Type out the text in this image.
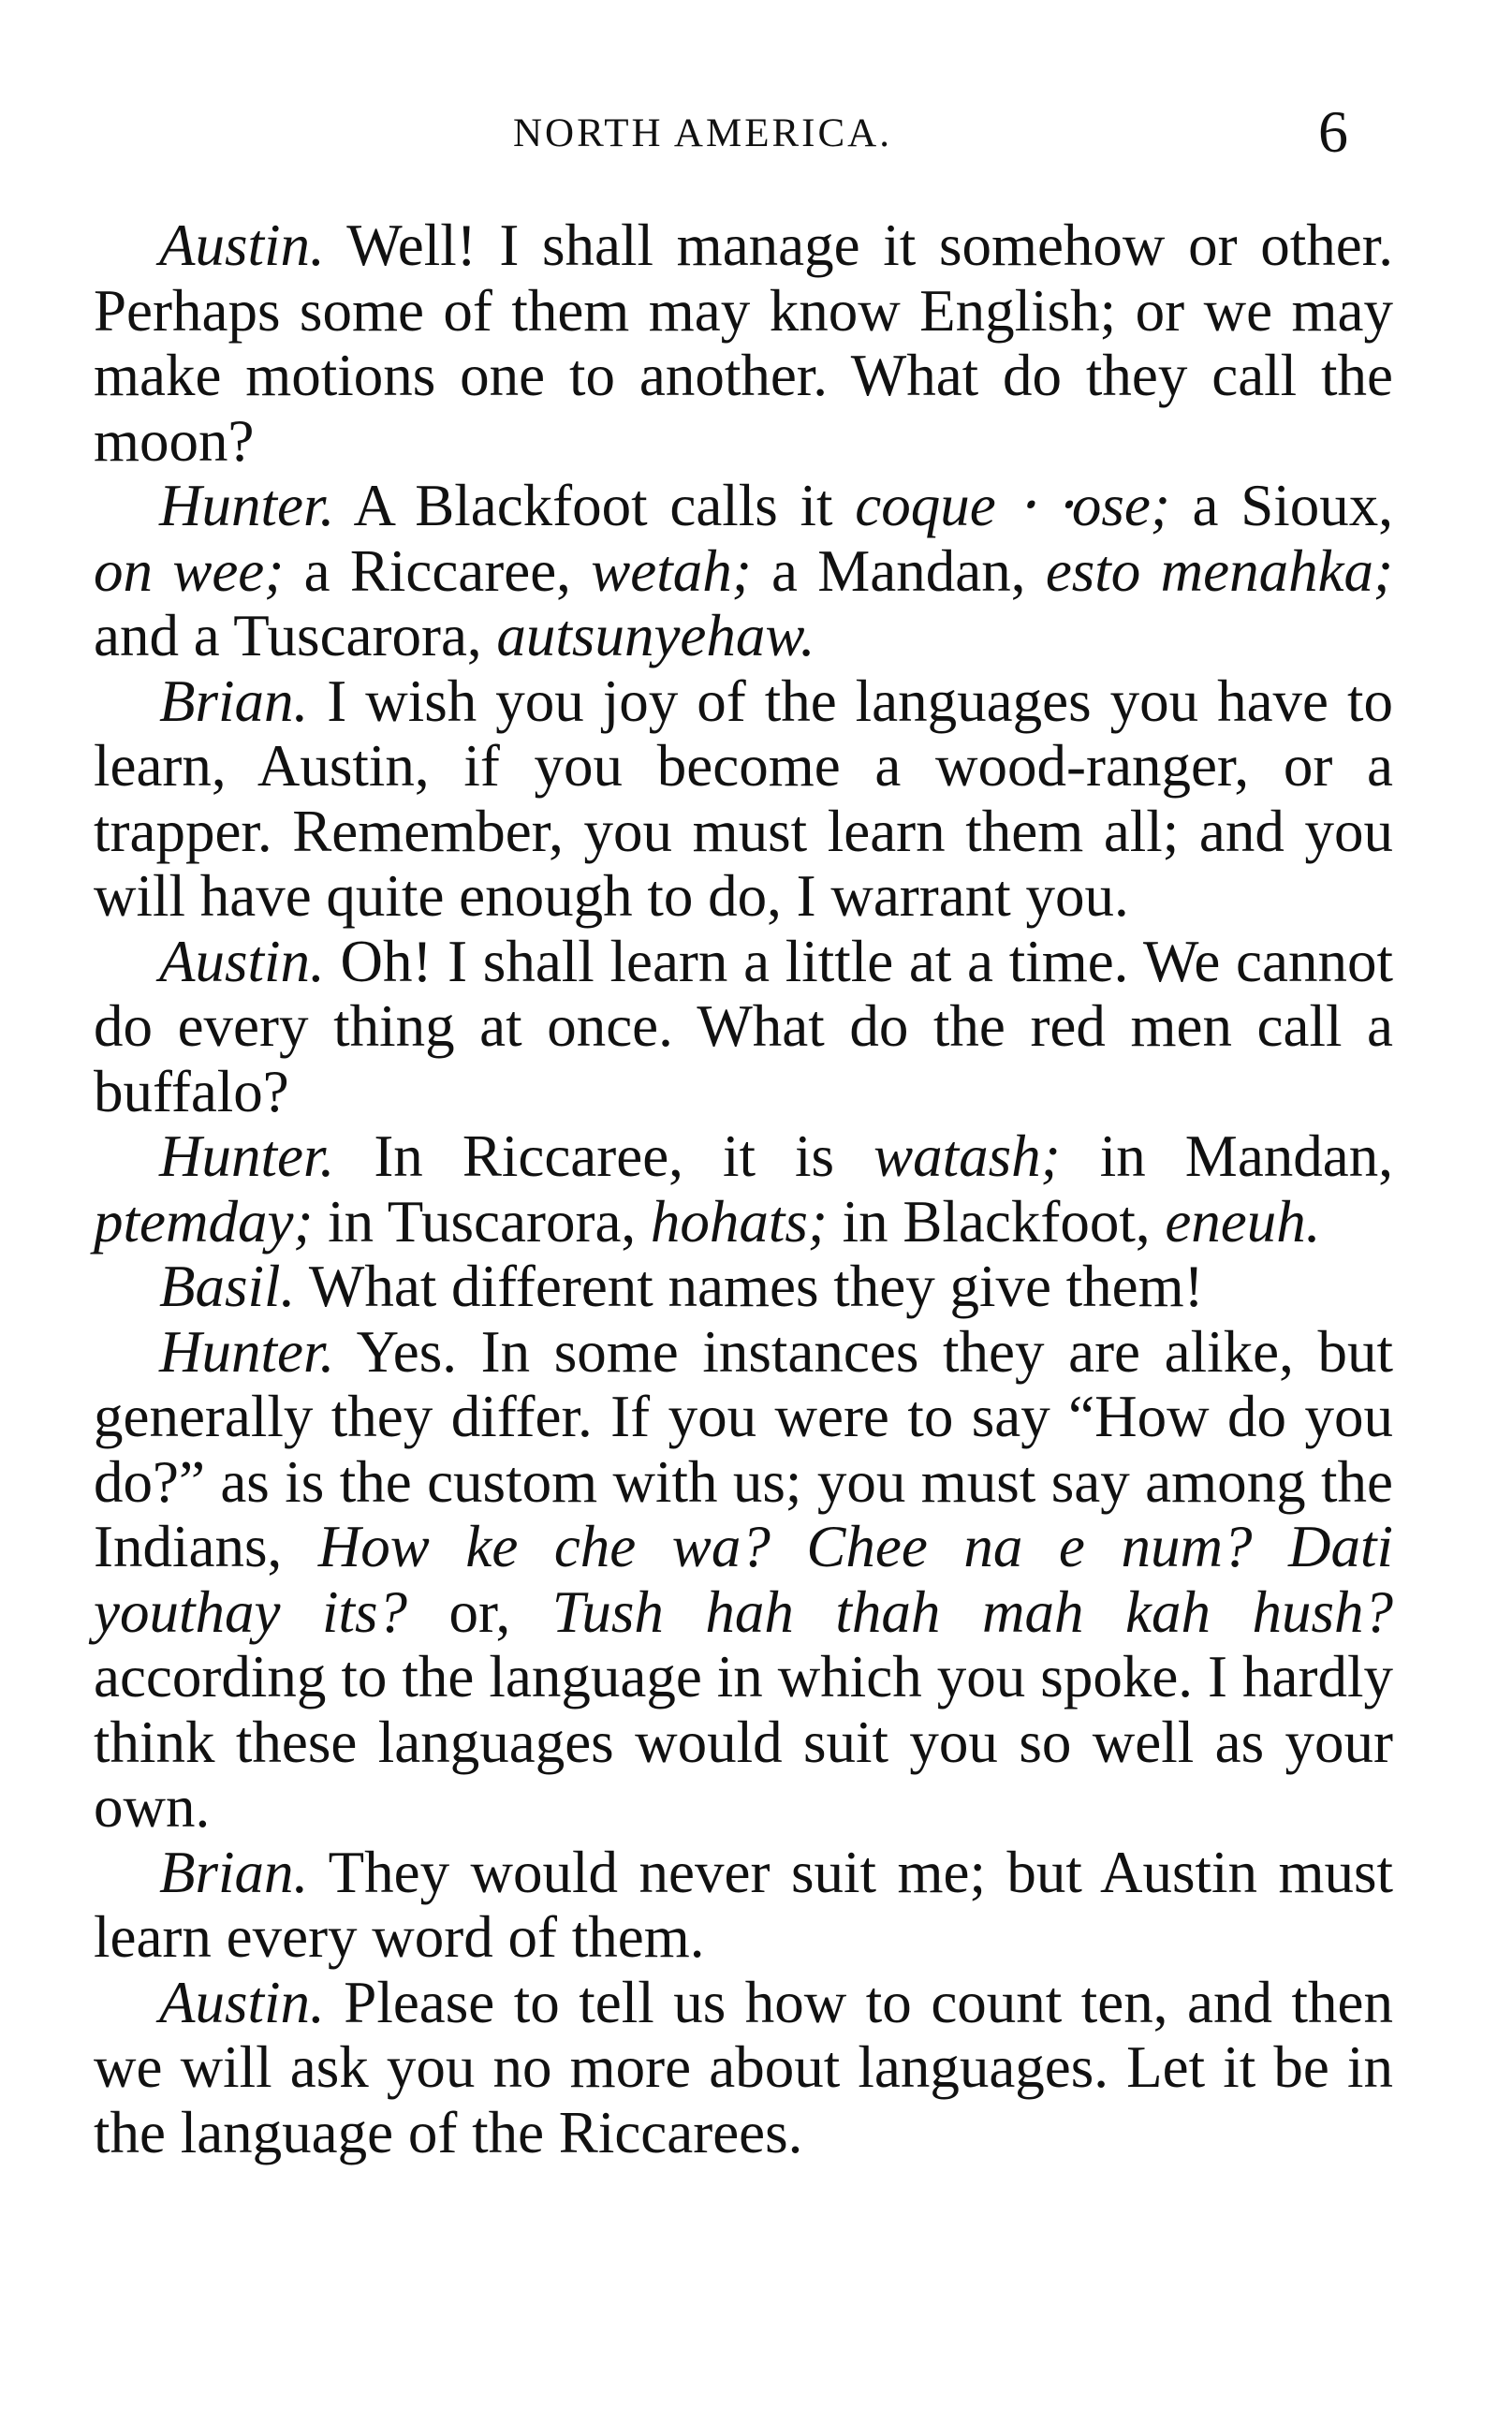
NORTH AMERICA.	6

Austin. Well! I shall manage it somehow or other. Perhaps some of them may know English; or we may make motions one to another. What do they call the moon?

Hunter. A Blackfoot calls it coque ⸱ ⸱ose; a Sioux, on wee; a Riccaree, wetah; a Mandan, esto menahka; and a Tuscarora, autsunyehaw.

Brian. I wish you joy of the languages you have to learn, Austin, if you become a wood-ranger, or a trapper. Remember, you must learn them all; and you will have quite enough to do, I warrant you.

Austin. Oh! I shall learn a little at a time. We cannot do every thing at once. What do the red men call a buffalo?

Hunter. In Riccaree, it is watash; in Mandan, ptemday; in Tuscarora, hohats; in Blackfoot, eneuh.

Basil. What different names they give them!

Hunter. Yes. In some instances they are alike, but generally they differ. If you were to say “How do you do?” as is the custom with us; you must say among the Indians, How ke che wa? Chee na e num? Dati youthay its? or, Tush hah thah mah kah hush? according to the language in which you spoke. I hardly think these languages would suit you so well as your own.

Brian. They would never suit me; but Austin must learn every word of them.

Austin. Please to tell us how to count ten, and then we will ask you no more about languages. Let it be in the language of the Riccarees.
